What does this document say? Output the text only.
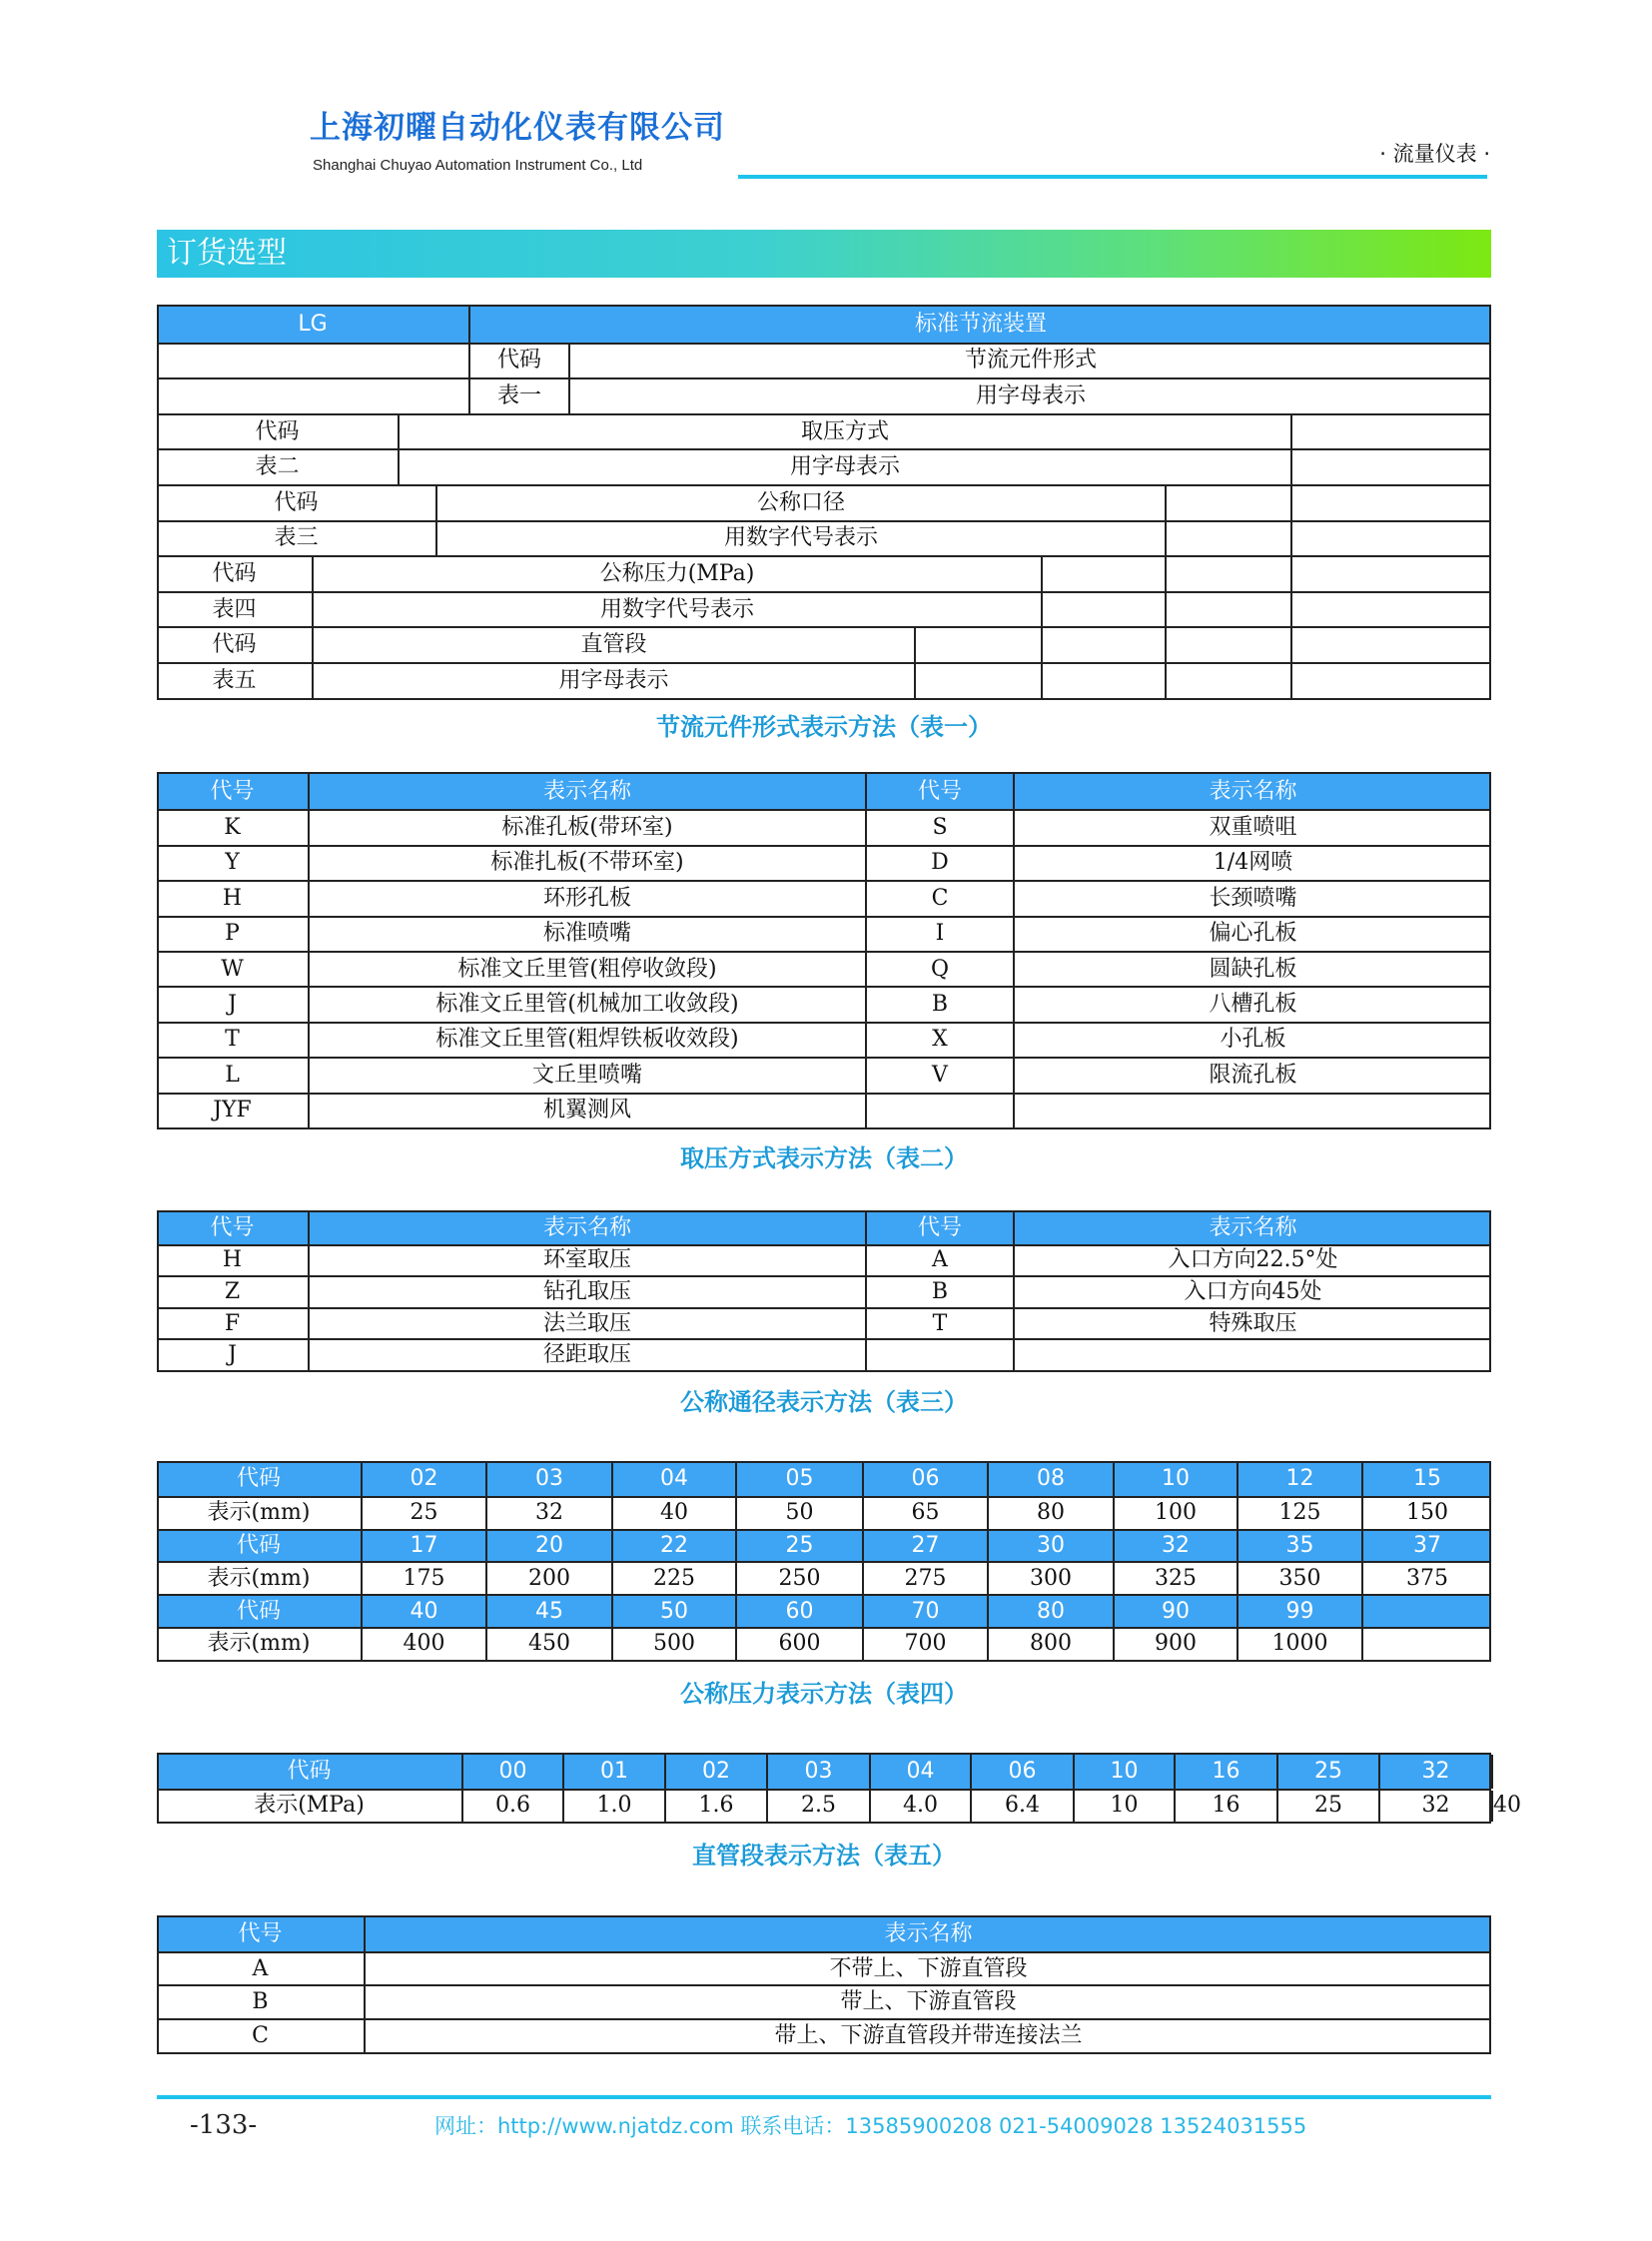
上海初曜自动化仪表有限公司
Shanghai Chuyao Automation Instrument Co., Ltd	· 流量仪表 ·
订货选型
LG	标准节流装置
代码	节流元件形式
表一	用字母表示
代码	取压方式
表二	用字母表示
代码	公称口径
表三	用数字代号表示
代码	公称压力(MPa)
表四	用数字代号表示
代码	直管段
表五	用字母表示
节流元件形式表示方法（表一）
代号	表示名称	代号	表示名称
K	标准孔板(带环室)	S	双重喷咀
Y	标准扎板(不带环室)	D	1/4网喷
H	环形孔板	C	长颈喷嘴
P	标准喷嘴	I	偏心孔板
W	标准文丘里管(粗停收敛段)	Q	圆缺孔板
J	标准文丘里管(机械加工收敛段)	B	八槽孔板
T	标准文丘里管(粗焊铁板收效段)	X	小孔板
L	文丘里喷嘴	V	限流孔板
JYF	机翼测风
取压方式表示方法（表二）
代号	表示名称	代号	表示名称
H	环室取压	A	入口方向22.5°处
Z	钻孔取压	B	入口方向45处
F	法兰取压	T	特殊取压
J	径距取压
公称通径表示方法（表三）
代码	02	03	04	05	06	08	10	12	15
表示(mm)	25	32	40	50	65	80	100	125	150
代码	17	20	22	25	27	30	32	35	37
表示(mm)	175	200	225	250	275	300	325	350	375
代码	40	45	50	60	70	80	90	99
表示(mm)	400	450	500	600	700	800	900	1000
公称压力表示方法（表四）
代码	00	01	02	03	04	06	10	16	25	32	40
表示(MPa)	0.6	1.0	1.6	2.5	4.0	6.4	10	16	25	32	40
直管段表示方法（表五）
代号	表示名称
A	不带上、下游直管段
B	带上、下游直管段
C	带上、下游直管段并带连接法兰
-133-	网址：http://www.njatdz.com 联系电话：13585900208 021-54009028 13524031555
